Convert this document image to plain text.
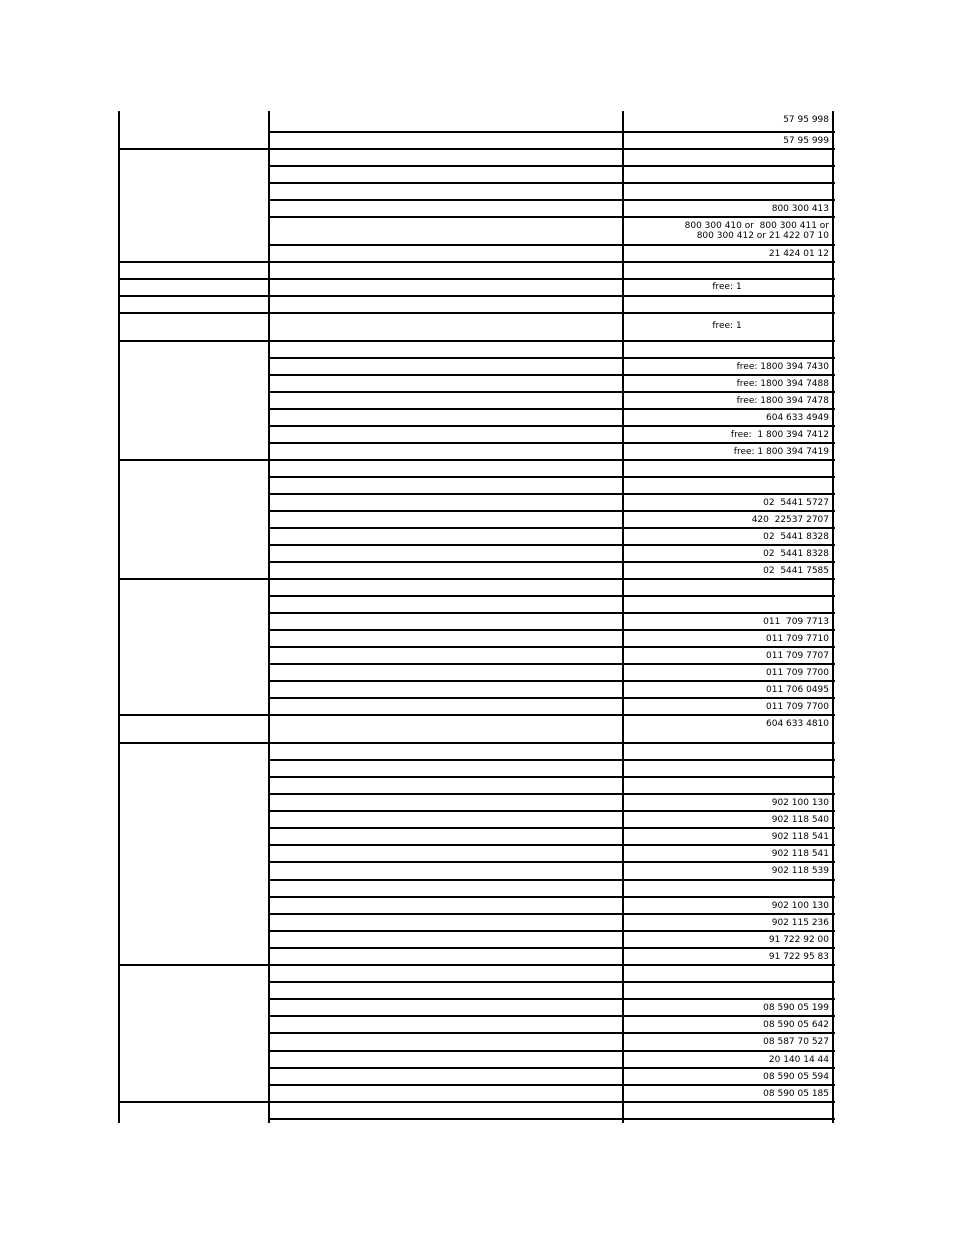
57 95 998
57 95 999
800 300 413
800 300 410 or  800 300 411 or
800 300 412 or 21 422 07 10
21 424 01 12
free: 1
free: 1
free: 1800 394 7430
free: 1800 394 7488
free: 1800 394 7478
604 633 4949
free:  1 800 394 7412
free: 1 800 394 7419
02  5441 5727
420  22537 2707
02  5441 8328
02  5441 8328
02  5441 7585
011  709 7713
011 709 7710
011 709 7707
011 709 7700
011 706 0495
011 709 7700
604 633 4810
902 100 130
902 118 540
902 118 541
902 118 541
902 118 539
902 100 130
902 115 236
91 722 92 00
91 722 95 83
08 590 05 199
08 590 05 642
08 587 70 527
20 140 14 44
08 590 05 594
08 590 05 185
